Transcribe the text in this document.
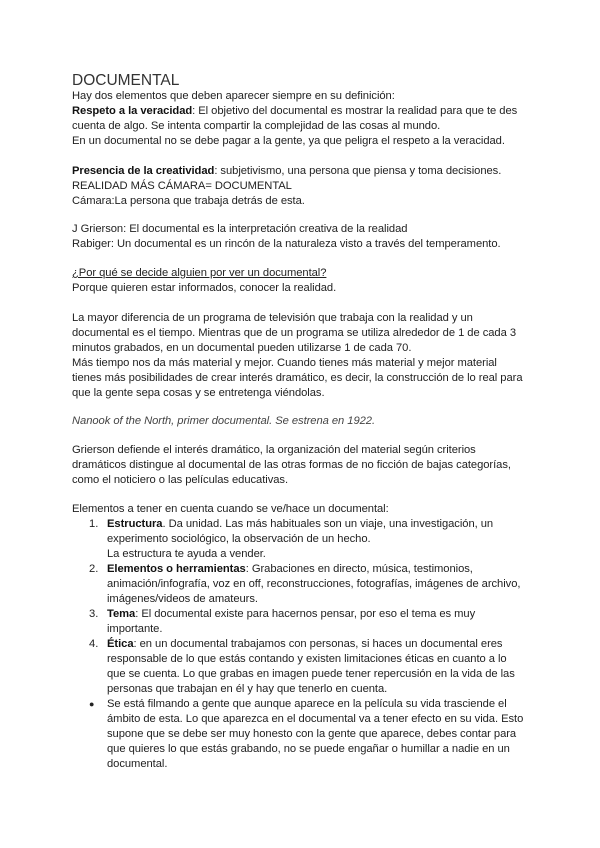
DOCUMENTAL
Hay dos elementos que deben aparecer siempre en su definición:
Respeto a la veracidad: El objetivo del documental es mostrar la realidad para que te des
cuenta de algo. Se intenta compartir la complejidad de las cosas al mundo.
En un documental no se debe pagar a la gente, ya que peligra el respeto a la veracidad.
Presencia de la creatividad: subjetivismo, una persona que piensa y toma decisiones.
REALIDAD MÁS CÁMARA= DOCUMENTAL
Cámara:La persona que trabaja detrás de esta.
J Grierson: El documental es la interpretación creativa de la realidad
Rabiger: Un documental es un rincón de la naturaleza visto a través del temperamento.
¿Por qué se decide alguien por ver un documental?
Porque quieren estar informados, conocer la realidad.
La mayor diferencia de un programa de televisión que trabaja con la realidad y un
documental es el tiempo. Mientras que de un programa se utiliza alrededor de 1 de cada 3
minutos grabados, en un documental pueden utilizarse 1 de cada 70.
Más tiempo nos da más material y mejor. Cuando tienes más material y mejor material
tienes más posibilidades de crear interés dramático, es decir, la construcción de lo real para
que la gente sepa cosas y se entretenga viéndolas.
Nanook of the North, primer documental. Se estrena en 1922.
Grierson defiende el interés dramático, la organización del material según criterios
dramáticos distingue al documental de las otras formas de no ficción de bajas categorías,
como el noticiero o las películas educativas.
Elementos a tener en cuenta cuando se ve/hace un documental:
1. Estructura. Da unidad. Las más habituales son un viaje, una investigación, un
experimento sociológico, la observación de un hecho.
La estructura te ayuda a vender.
2. Elementos o herramientas: Grabaciones en directo, música, testimonios,
animación/infografía, voz en off, reconstrucciones, fotografías, imágenes de archivo,
imágenes/videos de amateurs.
3. Tema: El documental existe para hacernos pensar, por eso el tema es muy
importante.
4. Ética: en un documental trabajamos con personas, si haces un documental eres
responsable de lo que estás contando y existen limitaciones éticas en cuanto a lo
que se cuenta. Lo que grabas en imagen puede tener repercusión en la vida de las
personas que trabajan en él y hay que tenerlo en cuenta.
● Se está filmando a gente que aunque aparece en la película su vida trasciende el
ámbito de esta. Lo que aparezca en el documental va a tener efecto en su vida. Esto
supone que se debe ser muy honesto con la gente que aparece, debes contar para
que quieres lo que estás grabando, no se puede engañar o humillar a nadie en un
documental.
